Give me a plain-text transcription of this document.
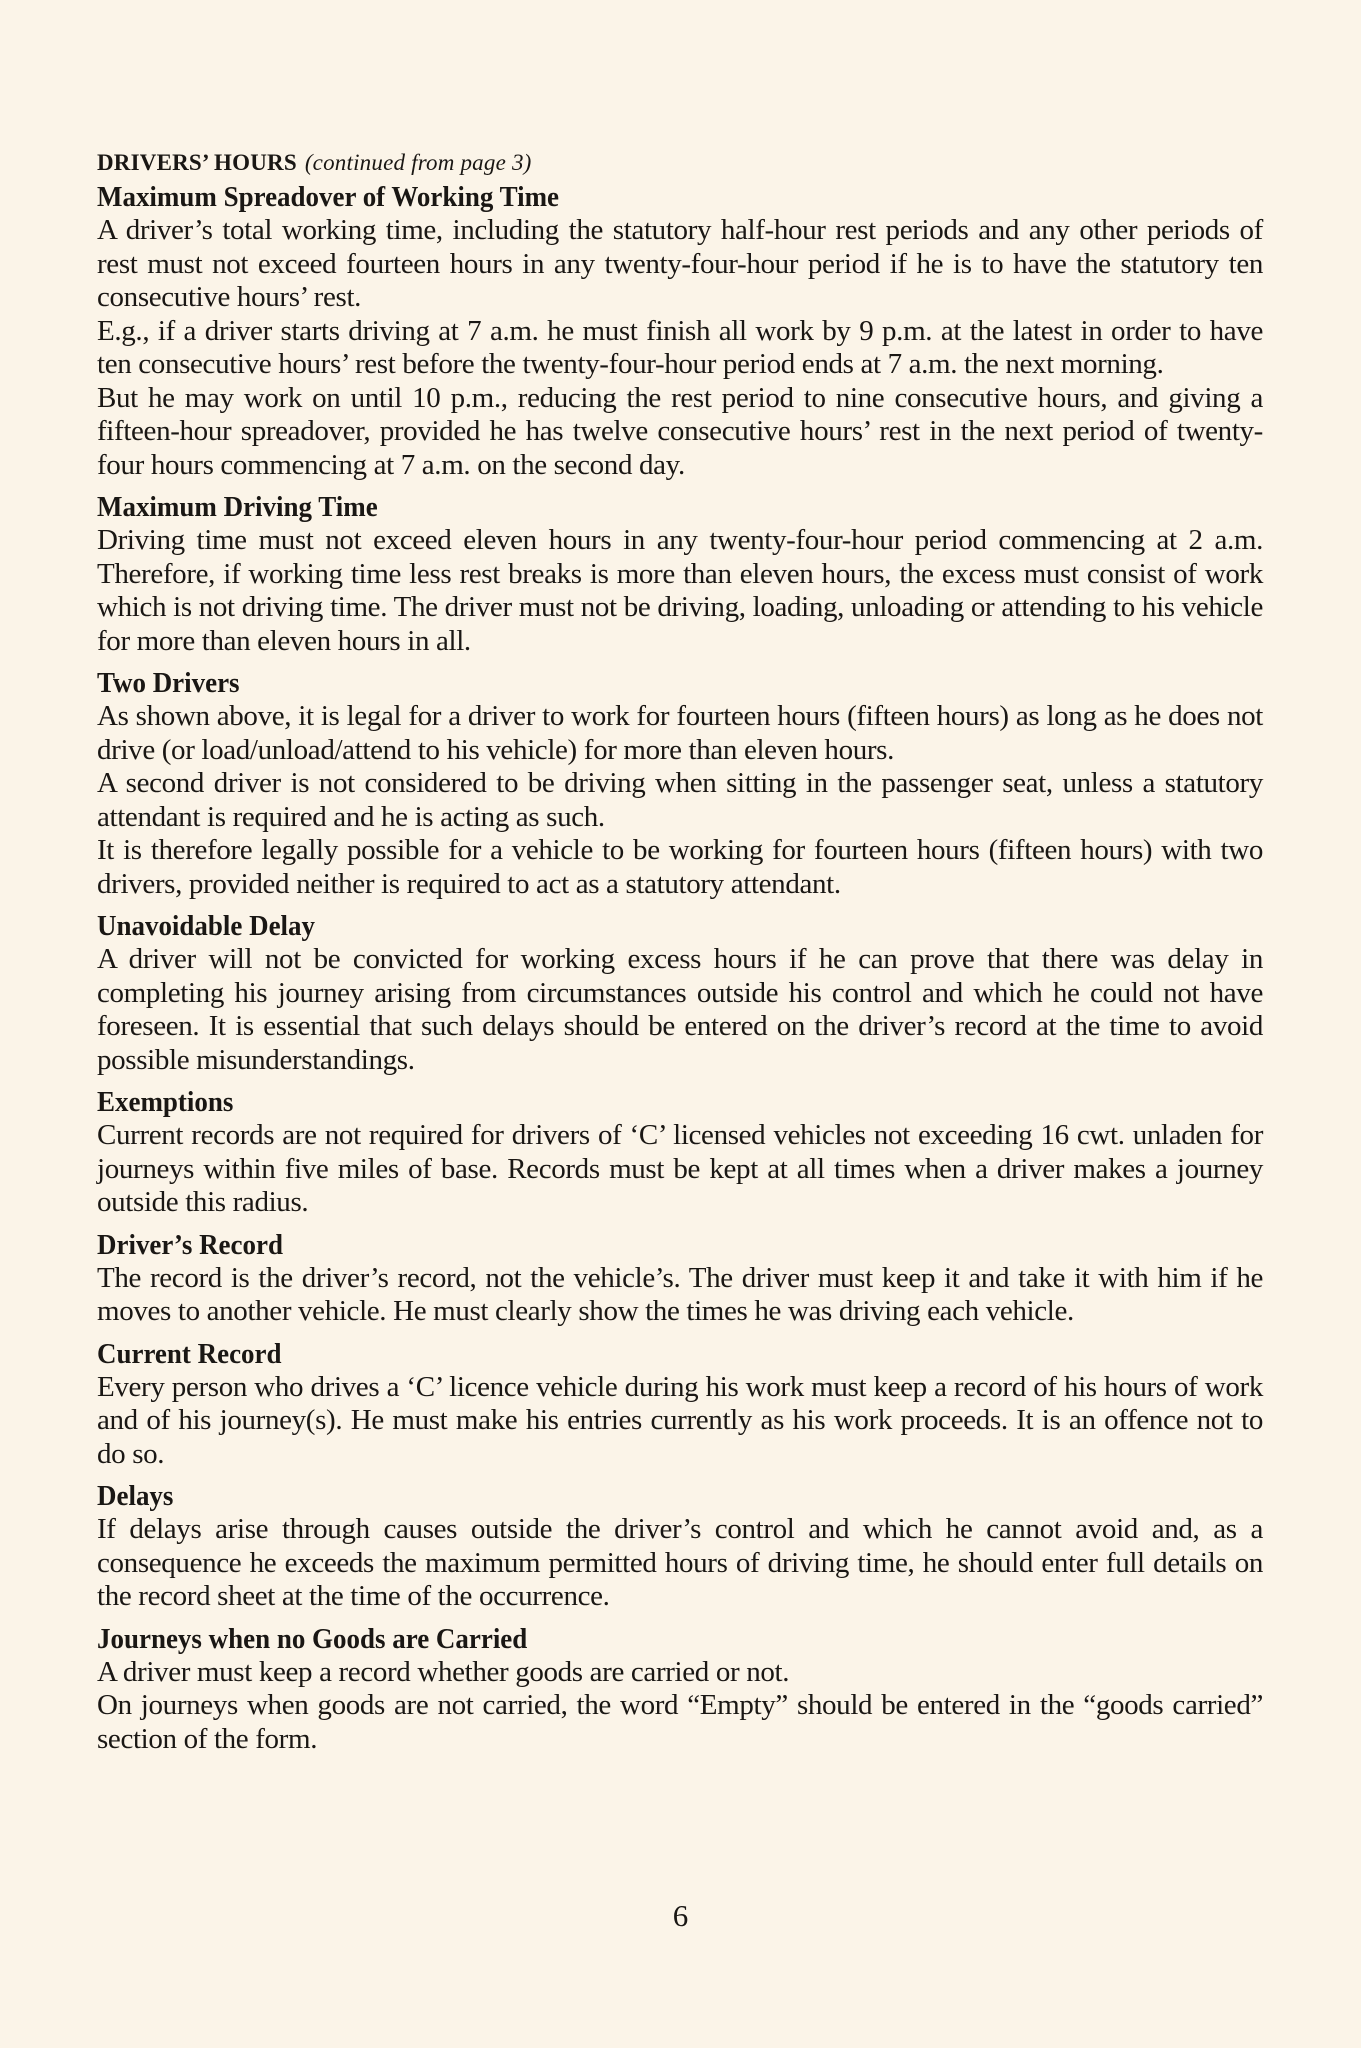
DRIVERS’ HOURS (continued from page 3)
Maximum Spreadover of Working Time

A driver’s total working time, including the statutory half-hour rest periods and any other periods of rest must not exceed fourteen hours in any twenty-four-hour period if he is to have the statutory ten consecutive hours’ rest.

E.g., if a driver starts driving at 7 a.m. he must finish all work by 9 p.m. at the latest in order to have ten consecutive hours’ rest before the twenty-four-hour period ends at 7 a.m. the next morning.

But he may work on until 10 p.m., reducing the rest period to nine consecutive hours, and giving a fifteen-hour spreadover, provided he has twelve consecutive hours’ rest in the next period of twenty-four hours commencing at 7 a.m. on the second day.

Maximum Driving Time

Driving time must not exceed eleven hours in any twenty-four-hour period commencing at 2 a.m. Therefore, if working time less rest breaks is more than eleven hours, the excess must consist of work which is not driving time. The driver must not be driving, loading, unloading or attending to his vehicle for more than eleven hours in all.

Two Drivers

As shown above, it is legal for a driver to work for fourteen hours (fifteen hours) as long as he does not drive (or load/unload/attend to his vehicle) for more than eleven hours.

A second driver is not considered to be driving when sitting in the passenger seat, unless a statutory attendant is required and he is acting as such.

It is therefore legally possible for a vehicle to be working for fourteen hours (fifteen hours) with two drivers, provided neither is required to act as a statutory attendant.

Unavoidable Delay

A driver will not be convicted for working excess hours if he can prove that there was delay in completing his journey arising from circumstances outside his control and which he could not have foreseen. It is essential that such delays should be entered on the driver’s record at the time to avoid possible misunderstandings.

Exemptions

Current records are not required for drivers of ‘C’ licensed vehicles not exceeding 16 cwt. unladen for journeys within five miles of base. Records must be kept at all times when a driver makes a journey outside this radius.

Driver’s Record

The record is the driver’s record, not the vehicle’s. The driver must keep it and take it with him if he moves to another vehicle. He must clearly show the times he was driving each vehicle.

Current Record

Every person who drives a ‘C’ licence vehicle during his work must keep a record of his hours of work and of his journey(s). He must make his entries currently as his work proceeds. It is an offence not to do so.

Delays

If delays arise through causes outside the driver’s control and which he cannot avoid and, as a consequence he exceeds the maximum permitted hours of driving time, he should enter full details on the record sheet at the time of the occurrence.

Journeys when no Goods are Carried

A driver must keep a record whether goods are carried or not.

On journeys when goods are not carried, the word “Empty” should be entered in the “goods carried” section of the form.

6
